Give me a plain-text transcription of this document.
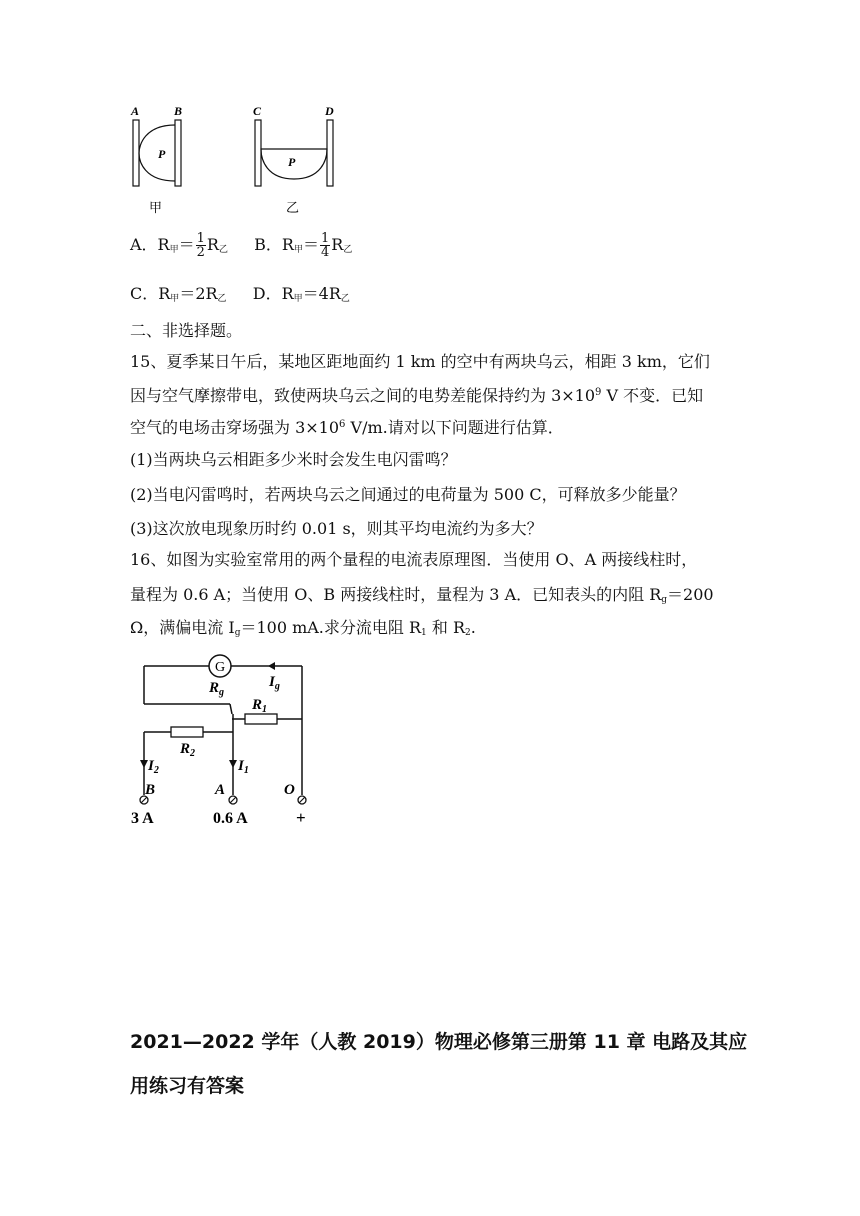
A	B
P
甲
C	D
P
乙
A．$R_甲= \frac{1}{2} R_乙$ B．$R_甲= \frac{1}{4} R_乙$
C．$R_甲=2R_乙$ D．$R_甲=4R_乙$
二、非选择题。
15、夏季某日午后，某地区距地面约 1 km 的空中有两块乌云，相距 3 km，它们
因与空气摩擦带电，致使两块乌云之间的电势差能保持约为 $3\times 10^9$ V 不变．已知
空气的电场击穿场强为 $3\times 10^6$ V/m.请对以下问题进行估算．
(1)当两块乌云相距多少米时会发生电闪雷鸣？
(2)当电闪雷鸣时，若两块乌云之间通过的电荷量为 500 C，可释放多少能量？
(3)这次放电现象历时约 0.01 s，则其平均电流约为多大？
16、如图为实验室常用的两个量程的电流表原理图．当使用 O、A 两接线柱时，
量程为 0.6 A；当使用 O、B 两接线柱时，量程为 3 A．已知表头的内阻 $R_g=200$
Ω，满偏电流 $I_g=100$ mA.求分流电阻 $R_1$ 和 $R_2$.
G
$R_g$
$I_g$
$R_1$
$R_2$
$I_2$	$I_1$
B	A	O
3 A	0.6 A	+
2021—2022 学年（人教 2019）物理必修第三册第 11 章 电路及其应
用练习有答案
